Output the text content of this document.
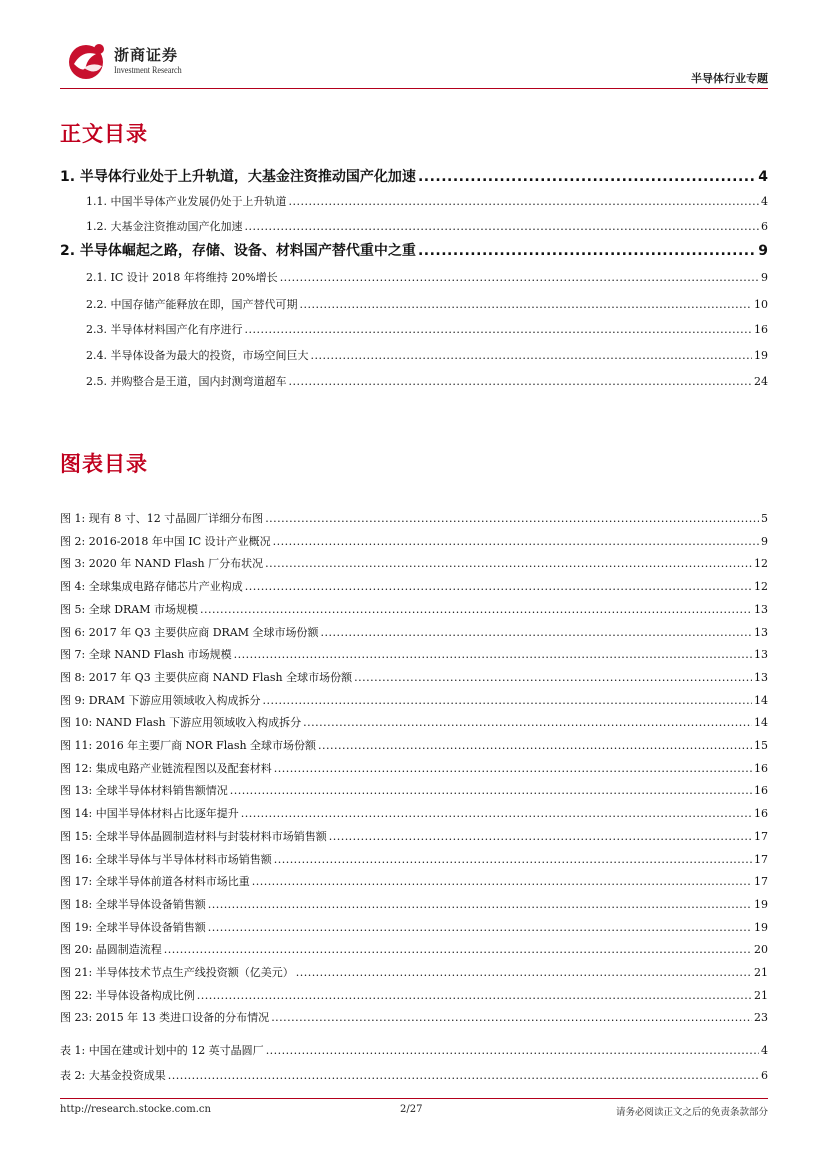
浙商证券
Investment Research
半导体行业专题
正文目录
1. 半导体行业处于上升轨道，大基金注资推动国产化加速 .....	4
1.1. 中国半导体产业发展仍处于上升轨道 .....	4
1.2. 大基金注资推动国产化加速 .....	6
2. 半导体崛起之路，存储、设备、材料国产替代重中之重 .....	9
2.1. IC 设计 2018 年将维持 20%增长 .....	9
2.2. 中国存储产能释放在即，国产替代可期 .....	10
2.3. 半导体材料国产化有序进行 .....	16
2.4. 半导体设备为最大的投资，市场空间巨大 .....	19
2.5. 并购整合是王道，国内封测弯道超车 .....	24
图表目录
图 1: 现有 8 寸、12 寸晶圆厂详细分布图 .....	5
图 2: 2016-2018 年中国 IC 设计产业概况 .....	9
图 3: 2020 年 NAND Flash 厂分布状况 .....	12
图 4: 全球集成电路存储芯片产业构成 .....	12
图 5: 全球 DRAM 市场规模 .....	13
图 6: 2017 年 Q3 主要供应商 DRAM 全球市场份额 .....	13
图 7: 全球 NAND Flash 市场规模 .....	13
图 8: 2017 年 Q3 主要供应商 NAND Flash 全球市场份额 .....	13
图 9: DRAM 下游应用领域收入构成拆分 .....	14
图 10: NAND Flash 下游应用领域收入构成拆分 .....	14
图 11: 2016 年主要厂商 NOR Flash 全球市场份额 .....	15
图 12: 集成电路产业链流程图以及配套材料 .....	16
图 13: 全球半导体材料销售额情况 .....	16
图 14: 中国半导体材料占比逐年提升 .....	16
图 15: 全球半导体晶圆制造材料与封装材料市场销售额 .....	17
图 16: 全球半导体与半导体材料市场销售额 .....	17
图 17: 全球半导体前道各材料市场比重 .....	17
图 18: 全球半导体设备销售额 .....	19
图 19: 全球半导体设备销售额 .....	19
图 20: 晶圆制造流程 .....	20
图 21: 半导体技术节点生产线投资额（亿美元） .....	21
图 22: 半导体设备构成比例 .....	21
图 23: 2015 年 13 类进口设备的分布情况 .....	23
表 1: 中国在建或计划中的 12 英寸晶圆厂 .....	4
表 2: 大基金投资成果 .....	6
http://research.stocke.com.cn	2/27	请务必阅读正文之后的免责条款部分
